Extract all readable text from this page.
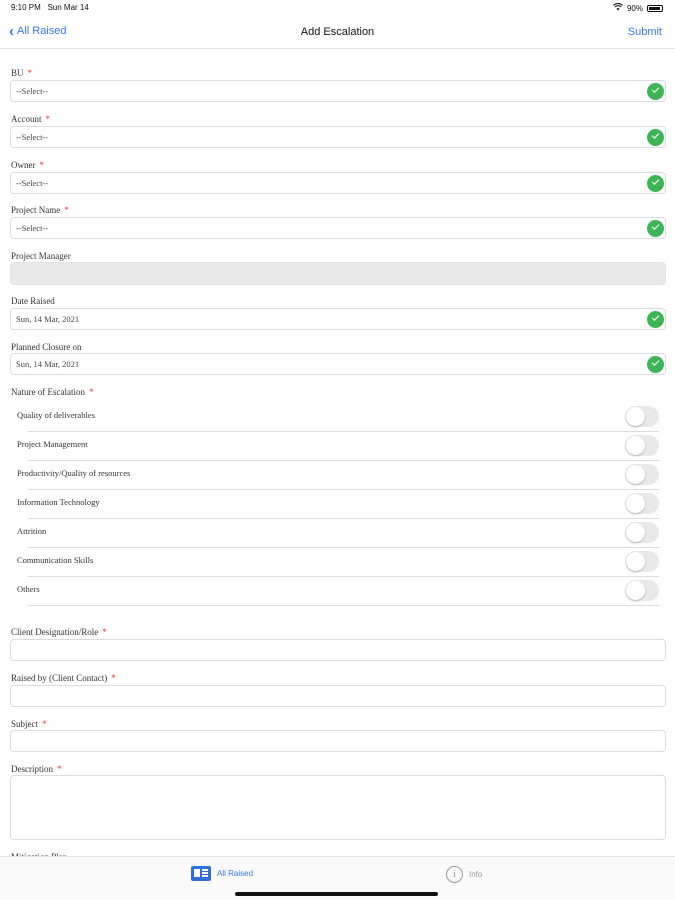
9:10 PM Sun Mar 14	90%
‹ All Raised	Add Escalation	Submit
BU *
--Select--
Account *
--Select--
Owner *
--Select--
Project Name *
--Select--
Project Manager
Date Raised
Sun, 14 Mar, 2021
Planned Closure on
Sun, 14 Mar, 2021
Nature of Escalation *
Quality of deliverables
Project Management
Productivity/Quality of resources
Information Technology
Attrition
Communication Skills
Others
Client Designation/Role *
Raised by (Client Contact) *
Subject *
Description *
All Raised	i	Info
